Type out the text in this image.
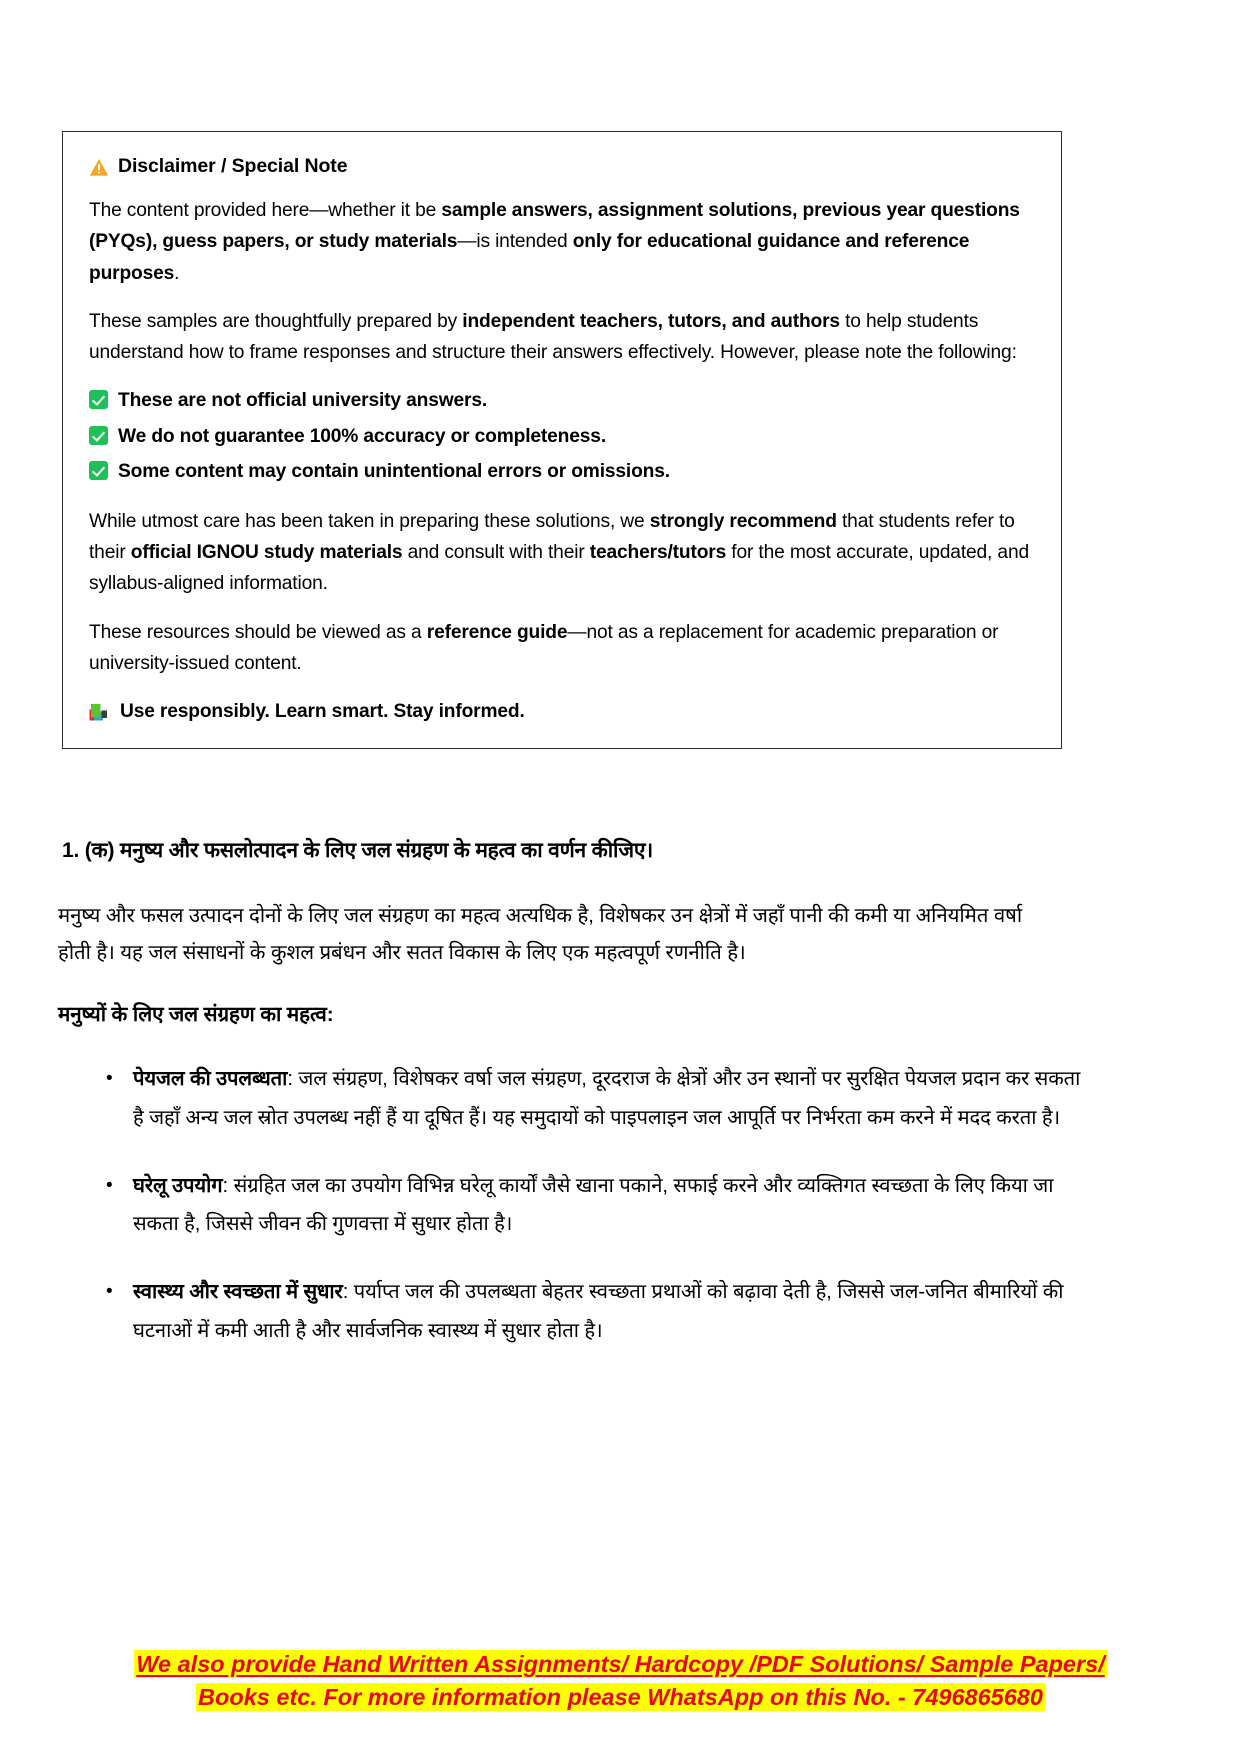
Disclaimer / Special Note

The content provided here—whether it be sample answers, assignment solutions, previous year questions (PYQs), guess papers, or study materials—is intended only for educational guidance and reference purposes.

These samples are thoughtfully prepared by independent teachers, tutors, and authors to help students understand how to frame responses and structure their answers effectively. However, please note the following:

These are not official university answers.
We do not guarantee 100% accuracy or completeness.
Some content may contain unintentional errors or omissions.

While utmost care has been taken in preparing these solutions, we strongly recommend that students refer to their official IGNOU study materials and consult with their teachers/tutors for the most accurate, updated, and syllabus-aligned information.

These resources should be viewed as a reference guide—not as a replacement for academic preparation or university-issued content.

Use responsibly. Learn smart. Stay informed.
1. (क) मनुष्य और फसलोत्पादन के लिए जल संग्रहण के महत्व का वर्णन कीजिए।
मनुष्य और फसल उत्पादन दोनों के लिए जल संग्रहण का महत्व अत्यधिक है, विशेषकर उन क्षेत्रों में जहाँ पानी की कमी या अनियमित वर्षा होती है। यह जल संसाधनों के कुशल प्रबंधन और सतत विकास के लिए एक महत्वपूर्ण रणनीति है।
मनुष्यों के लिए जल संग्रहण का महत्व:
• पेयजल की उपलब्धता: जल संग्रहण, विशेषकर वर्षा जल संग्रहण, दूरदराज के क्षेत्रों और उन स्थानों पर सुरक्षित पेयजल प्रदान कर सकता है जहाँ अन्य जल स्रोत उपलब्ध नहीं हैं या दूषित हैं। यह समुदायों को पाइपलाइन जल आपूर्ति पर निर्भरता कम करने में मदद करता है।
• घरेलू उपयोग: संग्रहित जल का उपयोग विभिन्न घरेलू कार्यों जैसे खाना पकाने, सफाई करने और व्यक्तिगत स्वच्छता के लिए किया जा सकता है, जिससे जीवन की गुणवत्ता में सुधार होता है।
• स्वास्थ्य और स्वच्छता में सुधार: पर्याप्त जल की उपलब्धता बेहतर स्वच्छता प्रथाओं को बढ़ावा देती है, जिससे जल-जनित बीमारियों की घटनाओं में कमी आती है और सार्वजनिक स्वास्थ्य में सुधार होता है।
We also provide Hand Written Assignments/ Hardcopy /PDF Solutions/ Sample Papers/
Books etc. For more information please WhatsApp on this No. - 7496865680
